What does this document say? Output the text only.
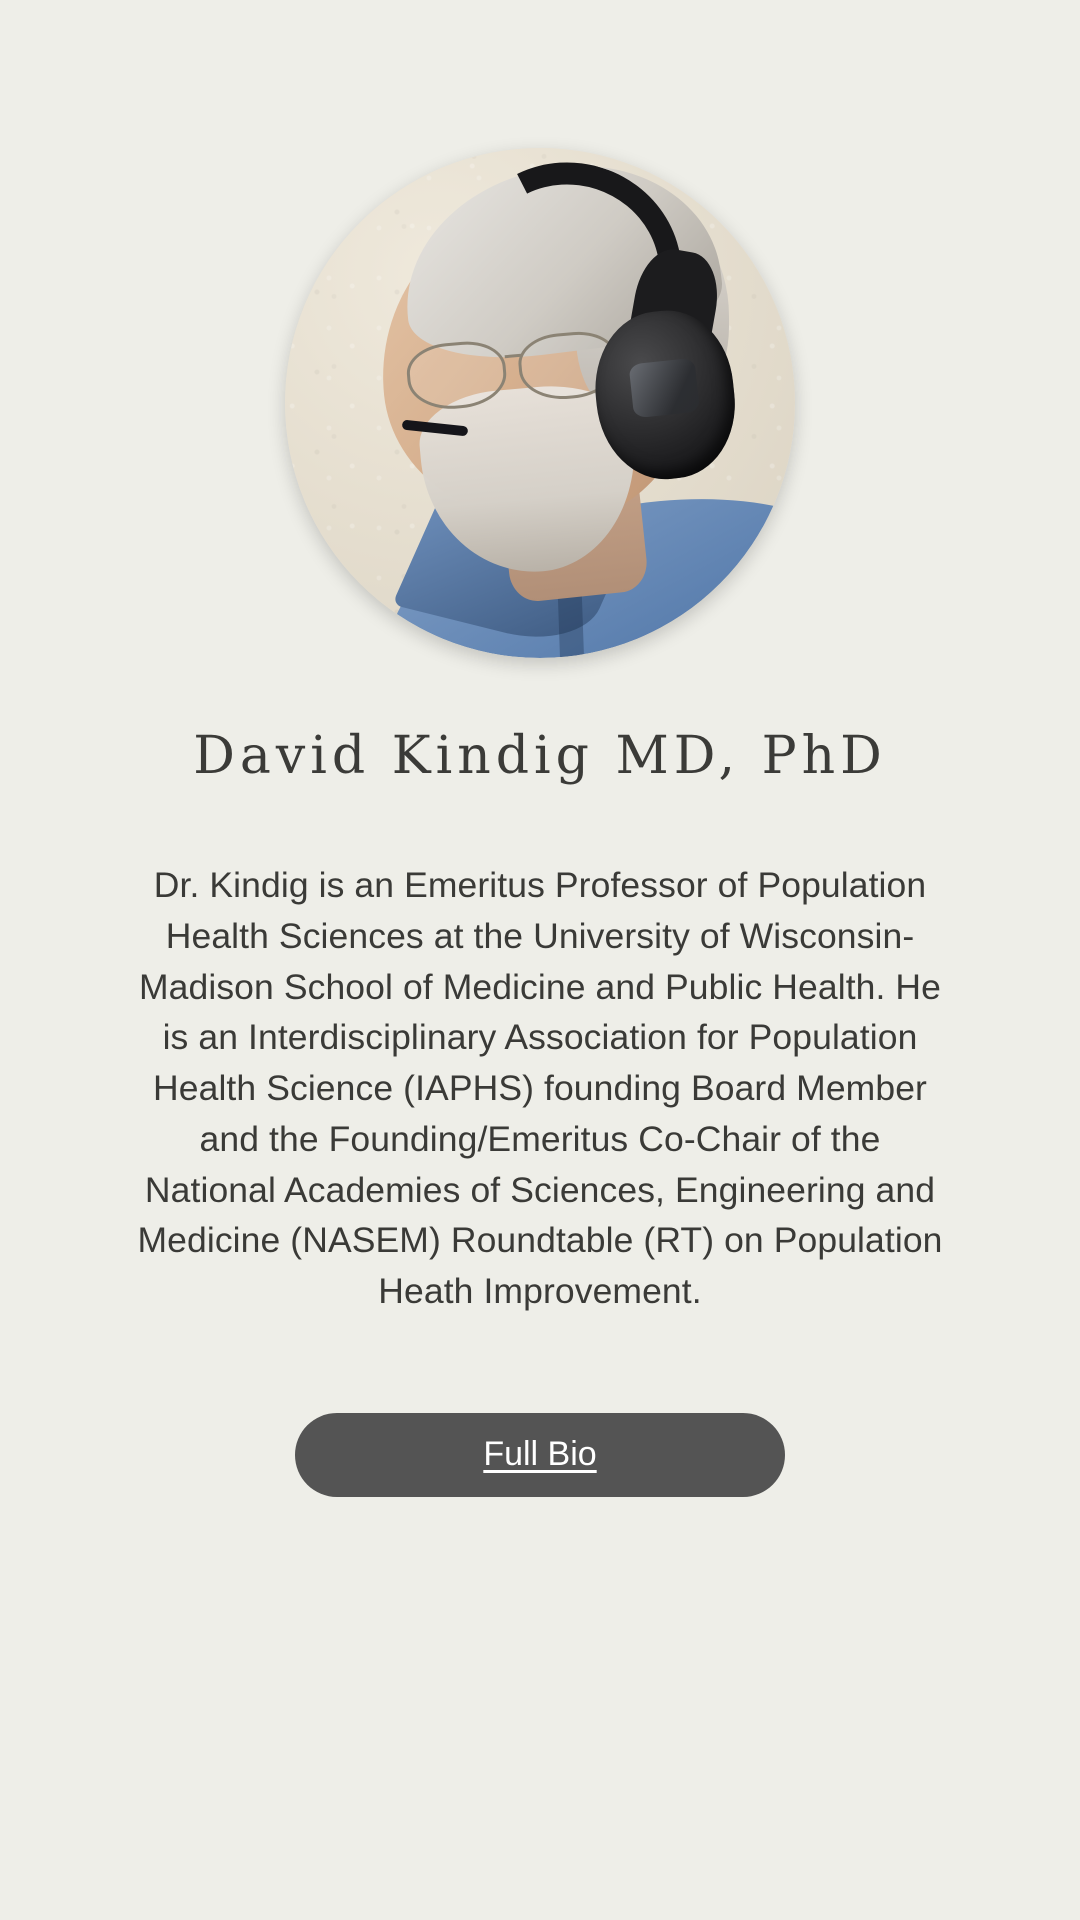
David Kindig MD, PhD

Dr. Kindig is an Emeritus Professor of Population Health Sciences at the University of Wisconsin-Madison School of Medicine and Public Health. He is an Interdisciplinary Association for Population Health Science (IAPHS) founding Board Member and the Founding/Emeritus Co-Chair of the National Academies of Sciences, Engineering and Medicine (NASEM) Roundtable (RT) on Population Heath Improvement.

Full Bio
